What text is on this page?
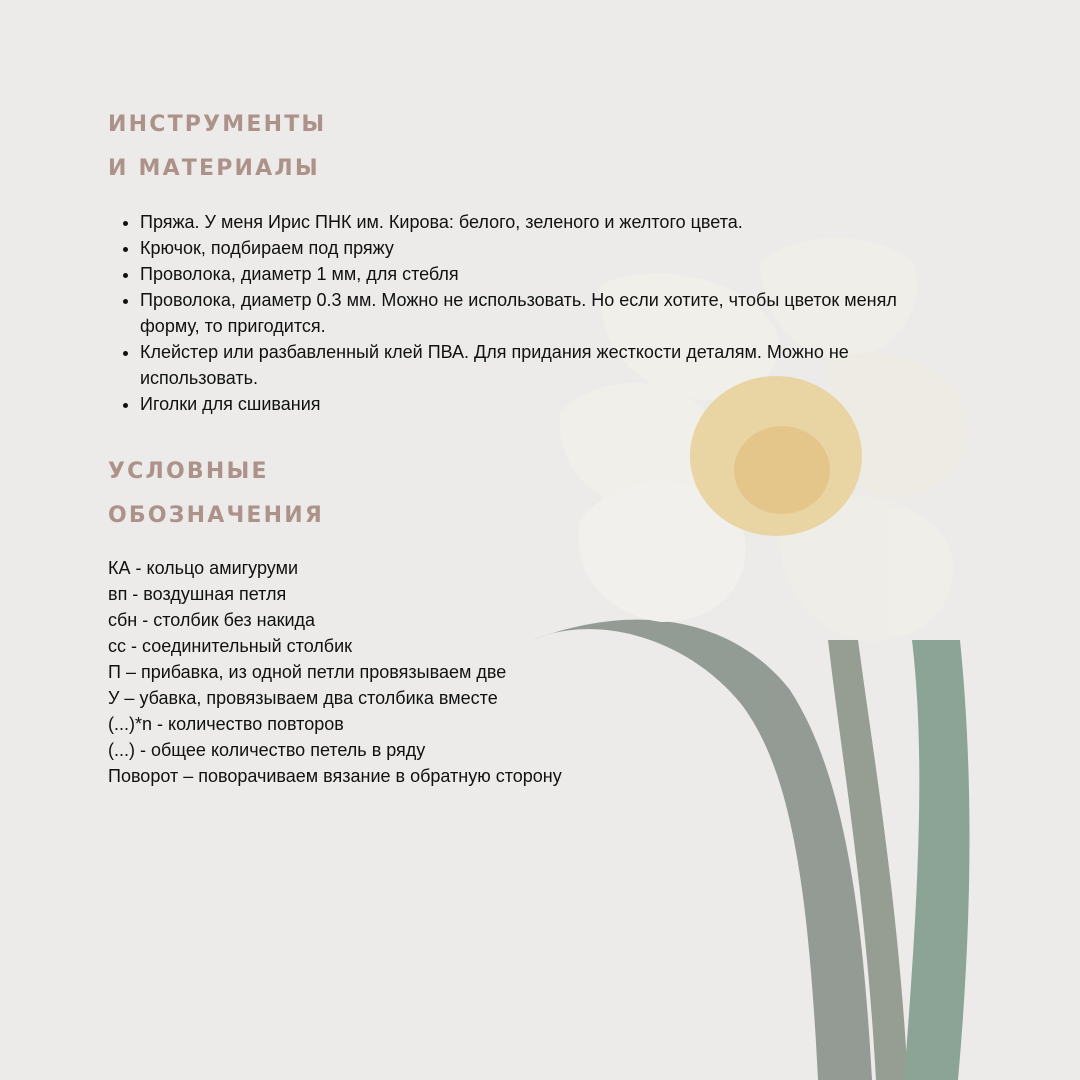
ИНСТРУМЕНТЫ
И МАТЕРИАЛЫ
• Пряжа. У меня Ирис ПНК им. Кирова: белого, зеленого и желтого цвета.
• Крючок, подбираем под пряжу
• Проволока, диаметр 1 мм, для стебля
• Проволока, диаметр 0.3 мм. Можно не использовать. Но если хотите, чтобы цветок менял форму, то пригодится.
• Клейстер или разбавленный клей ПВА. Для придания жесткости деталям. Можно не использовать.
• Иголки для сшивания
УСЛОВНЫЕ
ОБОЗНАЧЕНИЯ
КА - кольцо амигуруми
вп - воздушная петля
сбн - столбик без накида
сс - соединительный столбик
П – прибавка, из одной петли провязываем две
У – убавка, провязываем два столбика вместе
(...)*n - количество повторов
(...) - общее количество петель в ряду
Поворот – поворачиваем вязание в обратную сторону
